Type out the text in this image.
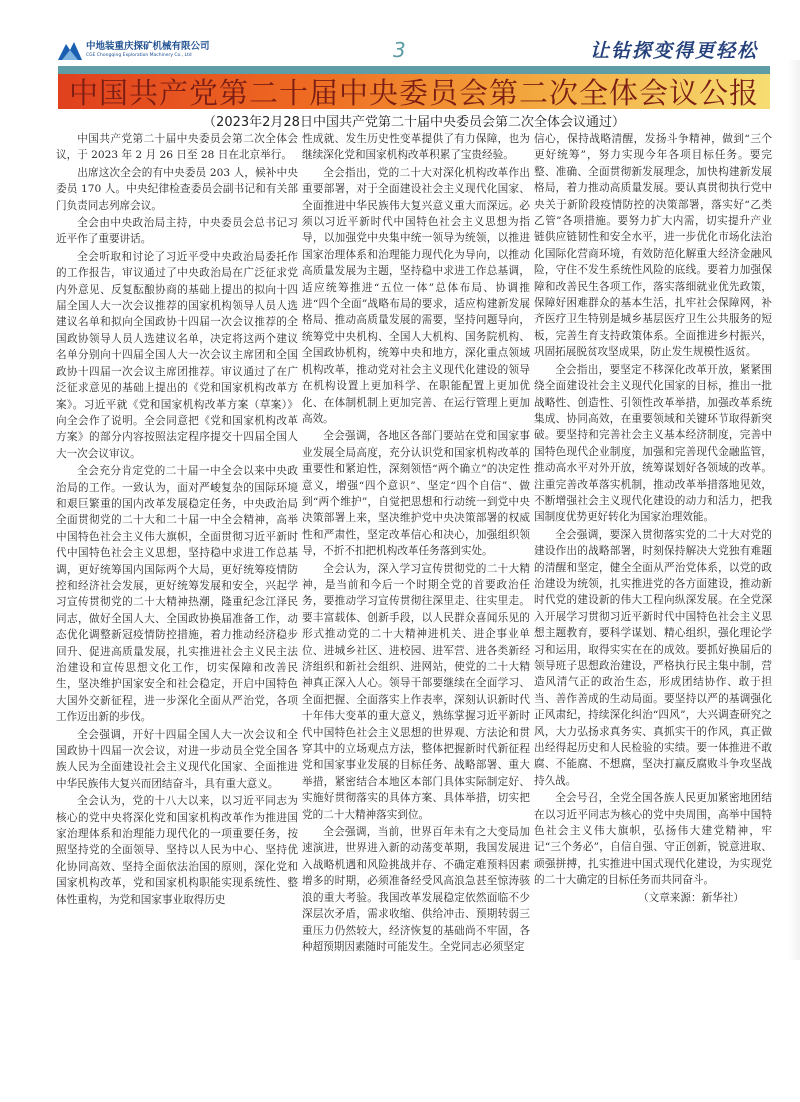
中地装重庆探矿机械有限公司
CGE Chongqing Exploration Machinery Co., Ltd	3	让钻探变得更轻松
中国共产党第二十届中央委员会第二次全体会议公报
（2023年2月28日中国共产党第二十届中央委员会第二次全体会议通过）

中国共产党第二十届中央委员会第二次全体会议，于 2023 年 2 月 26 日至 28 日在北京举行。

出席这次全会的有中央委员 203 人，候补中央委员 170 人。中央纪律检查委员会副书记和有关部门负责同志列席会议。

全会由中央政治局主持，中央委员会总书记习近平作了重要讲话。

全会听取和讨论了习近平受中央政治局委托作的工作报告，审议通过了中央政治局在广泛征求党内外意见、反复酝酿协商的基础上提出的拟向十四届全国人大一次会议推荐的国家机构领导人员人选建议名单和拟向全国政协十四届一次会议推荐的全国政协领导人员人选建议名单，决定将这两个建议名单分别向十四届全国人大一次会议主席团和全国政协十四届一次会议主席团推荐。审议通过了在广泛征求意见的基础上提出的《党和国家机构改革方案》。习近平就《党和国家机构改革方案（草案）》向全会作了说明。全会同意把《党和国家机构改革方案》的部分内容按照法定程序提交十四届全国人大一次会议审议。

全会充分肯定党的二十届一中全会以来中央政治局的工作。一致认为，面对严峻复杂的国际环境和艰巨繁重的国内改革发展稳定任务，中央政治局全面贯彻党的二十大和二十届一中全会精神，高举中国特色社会主义伟大旗帜，全面贯彻习近平新时代中国特色社会主义思想，坚持稳中求进工作总基调，更好统筹国内国际两个大局，更好统筹疫情防控和经济社会发展，更好统筹发展和安全，兴起学习宣传贯彻党的二十大精神热潮，隆重纪念江泽民同志，做好全国人大、全国政协换届准备工作，动态优化调整新冠疫情防控措施，着力推动经济稳步回升、促进高质量发展，扎实推进社会主义民主法治建设和宣传思想文化工作，切实保障和改善民生，坚决维护国家安全和社会稳定，开启中国特色大国外交新征程，进一步深化全面从严治党，各项工作迈出新的步伐。

全会强调，开好十四届全国人大一次会议和全国政协十四届一次会议，对进一步动员全党全国各族人民为全面建设社会主义现代化国家、全面推进中华民族伟大复兴而团结奋斗，具有重大意义。

全会认为，党的十八大以来，以习近平同志为核心的党中央将深化党和国家机构改革作为推进国家治理体系和治理能力现代化的一项重要任务，按照坚持党的全面领导、坚持以人民为中心、坚持优化协同高效、坚持全面依法治国的原则，深化党和国家机构改革，党和国家机构职能实现系统性、整体性重构，为党和国家事业取得历史

性成就、发生历史性变革提供了有力保障，也为继续深化党和国家机构改革积累了宝贵经验。

全会指出，党的二十大对深化机构改革作出重要部署，对于全面建设社会主义现代化国家、全面推进中华民族伟大复兴意义重大而深远。必须以习近平新时代中国特色社会主义思想为指导，以加强党中央集中统一领导为统领，以推进国家治理体系和治理能力现代化为导向，以推动高质量发展为主题，坚持稳中求进工作总基调，适应统筹推进“五位一体”总体布局、协调推进“四个全面”战略布局的要求，适应构建新发展格局、推动高质量发展的需要，坚持问题导向，统筹党中央机构、全国人大机构、国务院机构、全国政协机构，统筹中央和地方，深化重点领域机构改革，推动党对社会主义现代化建设的领导在机构设置上更加科学、在职能配置上更加优化、在体制机制上更加完善、在运行管理上更加高效。

全会强调，各地区各部门要站在党和国家事业发展全局高度，充分认识党和国家机构改革的重要性和紧迫性，深刻领悟“两个确立”的决定性意义，增强“四个意识”、坚定“四个自信”、做到“两个维护”，自觉把思想和行动统一到党中央决策部署上来，坚决维护党中央决策部署的权威性和严肃性，坚定改革信心和决心，加强组织领导，不折不扣把机构改革任务落到实处。

全会认为，深入学习宣传贯彻党的二十大精神，是当前和今后一个时期全党的首要政治任务，要推动学习宣传贯彻往深里走、往实里走。要丰富载体、创新手段，以人民群众喜闻乐见的形式推动党的二十大精神进机关、进企事业单位、进城乡社区、进校园、进军营、进各类新经济组织和新社会组织、进网站，使党的二十大精神真正深入人心。领导干部要继续在全面学习、全面把握、全面落实上作表率，深刻认识新时代十年伟大变革的重大意义，熟练掌握习近平新时代中国特色社会主义思想的世界观、方法论和贯穿其中的立场观点方法，整体把握新时代新征程党和国家事业发展的目标任务、战略部署、重大举措，紧密结合本地区本部门具体实际制定好、实施好贯彻落实的具体方案、具体举措，切实把党的二十大精神落实到位。

全会强调，当前，世界百年未有之大变局加速演进，世界进入新的动荡变革期，我国发展进入战略机遇和风险挑战并存、不确定难预料因素增多的时期，必须准备经受风高浪急甚至惊涛骇浪的重大考验。我国改革发展稳定依然面临不少深层次矛盾，需求收缩、供给冲击、预期转弱三重压力仍然较大，经济恢复的基础尚不牢固，各种超预期因素随时可能发生。全党同志必须坚定

信心，保持战略清醒，发扬斗争精神，做到“三个更好统筹”，努力实现今年各项目标任务。要完整、准确、全面贯彻新发展理念，加快构建新发展格局，着力推动高质量发展。要认真贯彻执行党中央关于新阶段疫情防控的决策部署，落实好“乙类乙管”各项措施。要努力扩大内需，切实提升产业链供应链韧性和安全水平，进一步优化市场化法治化国际化营商环境，有效防范化解重大经济金融风险，守住不发生系统性风险的底线。要着力加强保障和改善民生各项工作，落实落细就业优先政策，保障好困难群众的基本生活，扎牢社会保障网，补齐医疗卫生特别是城乡基层医疗卫生公共服务的短板，完善生育支持政策体系。全面推进乡村振兴，巩固拓展脱贫攻坚成果，防止发生规模性返贫。

全会指出，要坚定不移深化改革开放，紧紧围绕全面建设社会主义现代化国家的目标，推出一批战略性、创造性、引领性改革举措，加强改革系统集成、协同高效，在重要领域和关键环节取得新突破。要坚持和完善社会主义基本经济制度，完善中国特色现代企业制度，加强和完善现代金融监管，推动高水平对外开放，统筹谋划好各领域的改革。注重完善改革落实机制，推动改革举措落地见效，不断增强社会主义现代化建设的动力和活力，把我国制度优势更好转化为国家治理效能。

全会强调，要深入贯彻落实党的二十大对党的建设作出的战略部署，时刻保持解决大党独有难题的清醒和坚定，健全全面从严治党体系，以党的政治建设为统领，扎实推进党的各方面建设，推动新时代党的建设新的伟大工程向纵深发展。在全党深入开展学习贯彻习近平新时代中国特色社会主义思想主题教育，要科学谋划、精心组织，强化理论学习和运用，取得实实在在的成效。要抓好换届后的领导班子思想政治建设，严格执行民主集中制，营造风清气正的政治生态，形成团结协作、敢于担当、善作善成的生动局面。要坚持以严的基调强化正风肃纪，持续深化纠治“四风”，大兴调查研究之风，大力弘扬求真务实、真抓实干的作风，真正做出经得起历史和人民检验的实绩。要一体推进不敢腐、不能腐、不想腐，坚决打赢反腐败斗争攻坚战持久战。

全会号召，全党全国各族人民更加紧密地团结在以习近平同志为核心的党中央周围，高举中国特色社会主义伟大旗帜，弘扬伟大建党精神，牢记“三个务必”，自信自强、守正创新，锐意进取、顽强拼搏，扎实推进中国式现代化建设，为实现党的二十大确定的目标任务而共同奋斗。

（文章来源：新华社）
